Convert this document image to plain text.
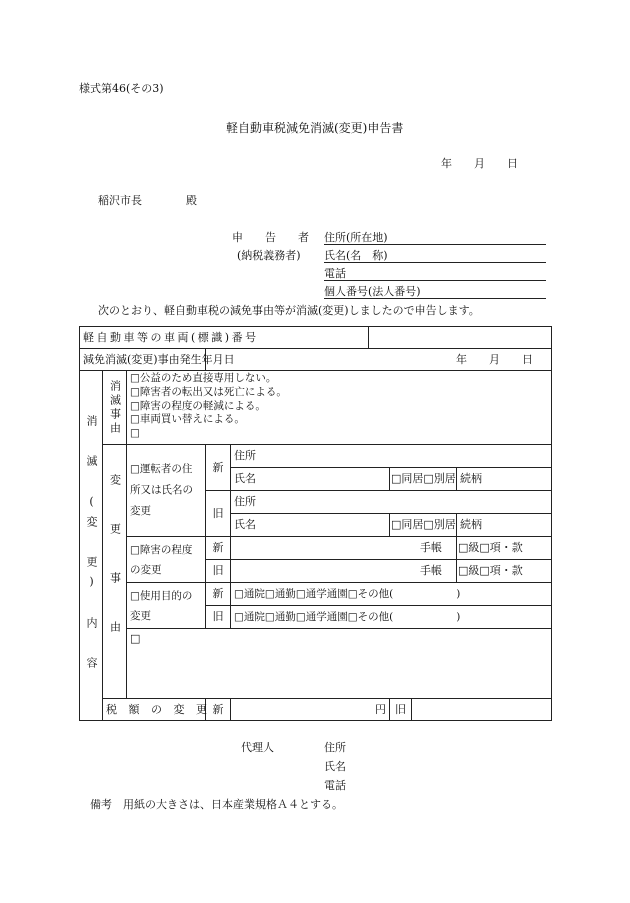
様式第46(その3)
軽自動車税減免消滅(変更)申告書
年　　月　　日
稲沢市長　　　　殿
申　　告　　者
(納税義務者)
住所(所在地)
氏名(名　称)
電話
個人番号(法人番号)
次のとおり、軽自動車税の減免事由等が消滅(変更)しましたので申告します。
軽自動車等の車両(標識)番号								
減免消滅(変更)事由発生年月日			年　　月　　日					

消 滅 (変 更) 内 容	消滅事由	□公益のため直接専用しない。
□障害者の転出又は死亡による。
□障害の程度の軽減による。
□車両買い替えによる。
□						

	変更事由	□運転者の住所又は氏名の変更	新	住所				
				氏名		□同居□別居	続柄	
			旧	住所				
				氏名		□同居□別居	続柄	
		□障害の程度の変更	新	手帳			□級□項・款	
			旧	手帳			□級□項・款	
		□使用目的の変更	新	□通院□通勤□通学通園□その他(　　　　　　)				
			旧	□通院□通勤□通学通園□その他(　　　　　　)				
		□						
	税 額 の 変 更		新	円		旧	
代理人	住所
氏名
電話
備考　用紙の大きさは、日本産業規格Ａ４とする。
